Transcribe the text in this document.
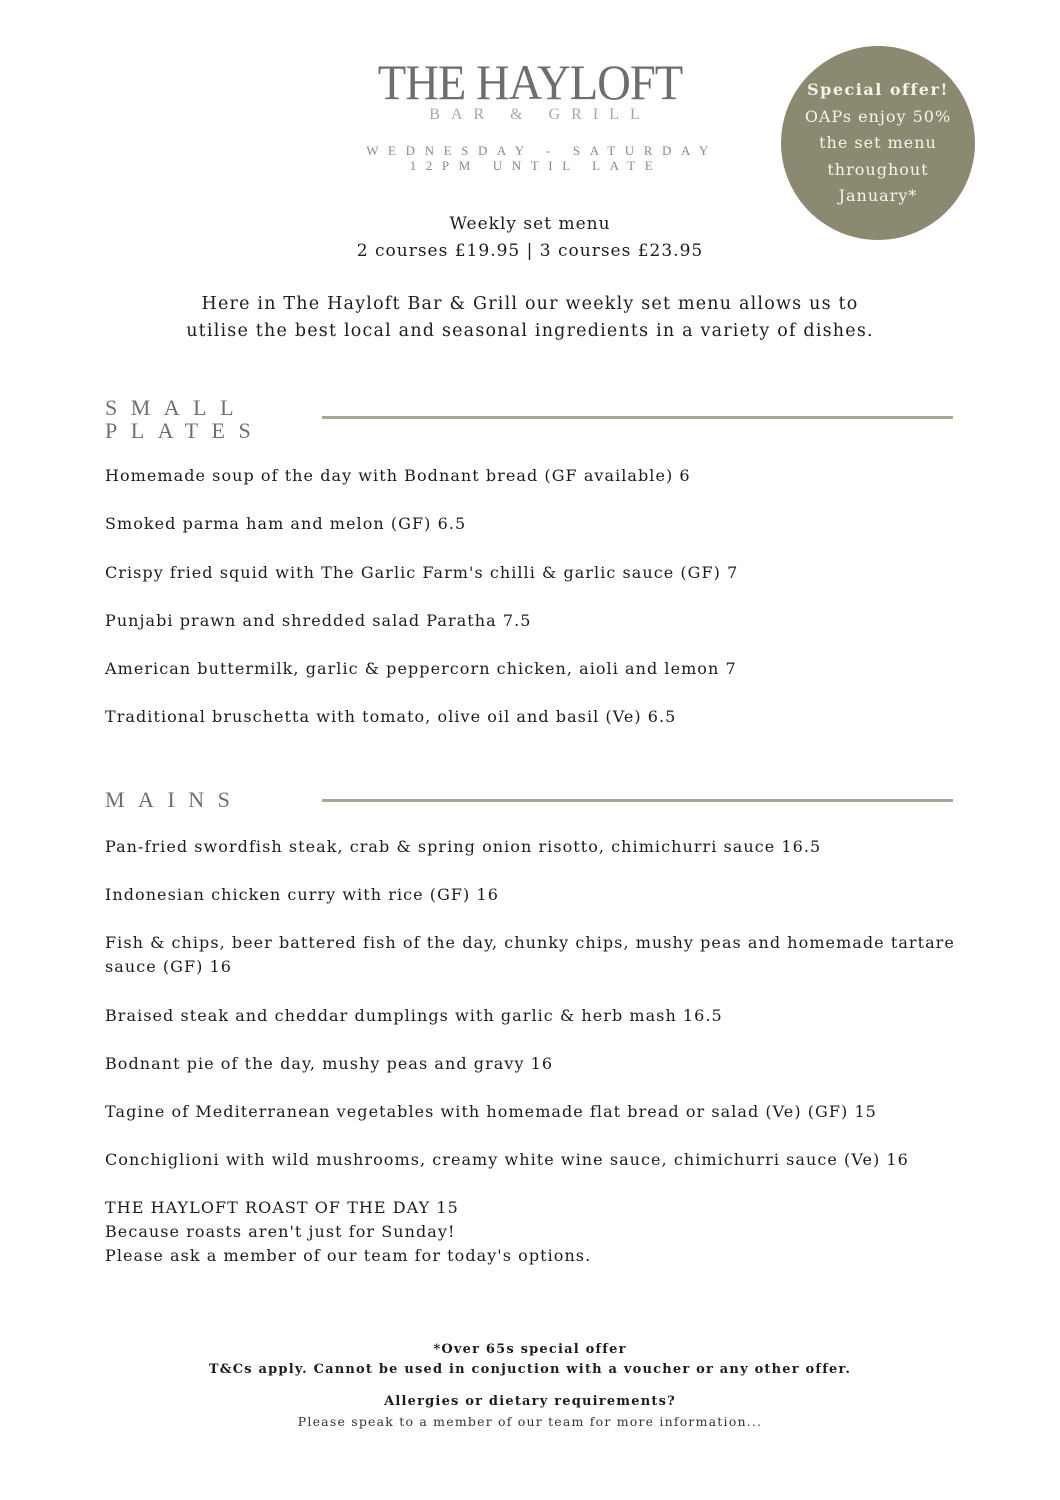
THE HAYLOFT
BAR & GRILL
WEDNESDAY - SATURDAY
12PM UNTIL LATE
Special offer!
OAPs enjoy 50%
the set menu
throughout
January*
Weekly set menu
2 courses £19.95 | 3 courses £23.95
Here in The Hayloft Bar & Grill our weekly set menu allows us to
utilise the best local and seasonal ingredients in a variety of dishes.
SMALL
PLATES
Homemade soup of the day with Bodnant bread (GF available) 6
Smoked parma ham and melon (GF) 6.5
Crispy fried squid with The Garlic Farm's chilli & garlic sauce (GF) 7
Punjabi prawn and shredded salad Paratha 7.5
American buttermilk, garlic & peppercorn chicken, aioli and lemon 7
Traditional bruschetta with tomato, olive oil and basil (Ve) 6.5
MAINS
Pan-fried swordfish steak, crab & spring onion risotto, chimichurri sauce 16.5
Indonesian chicken curry with rice (GF) 16
Fish & chips, beer battered fish of the day, chunky chips, mushy peas and homemade tartare sauce (GF) 16
Braised steak and cheddar dumplings with garlic & herb mash 16.5
Bodnant pie of the day, mushy peas and gravy 16
Tagine of Mediterranean vegetables with homemade flat bread or salad (Ve) (GF) 15
Conchiglioni with wild mushrooms, creamy white wine sauce, chimichurri sauce (Ve) 16
THE HAYLOFT ROAST OF THE DAY 15
Because roasts aren't just for Sunday!
Please ask a member of our team for today's options.
*Over 65s special offer
T&Cs apply. Cannot be used in conjuction with a voucher or any other offer.
Allergies or dietary requirements?
Please speak to a member of our team for more information...
